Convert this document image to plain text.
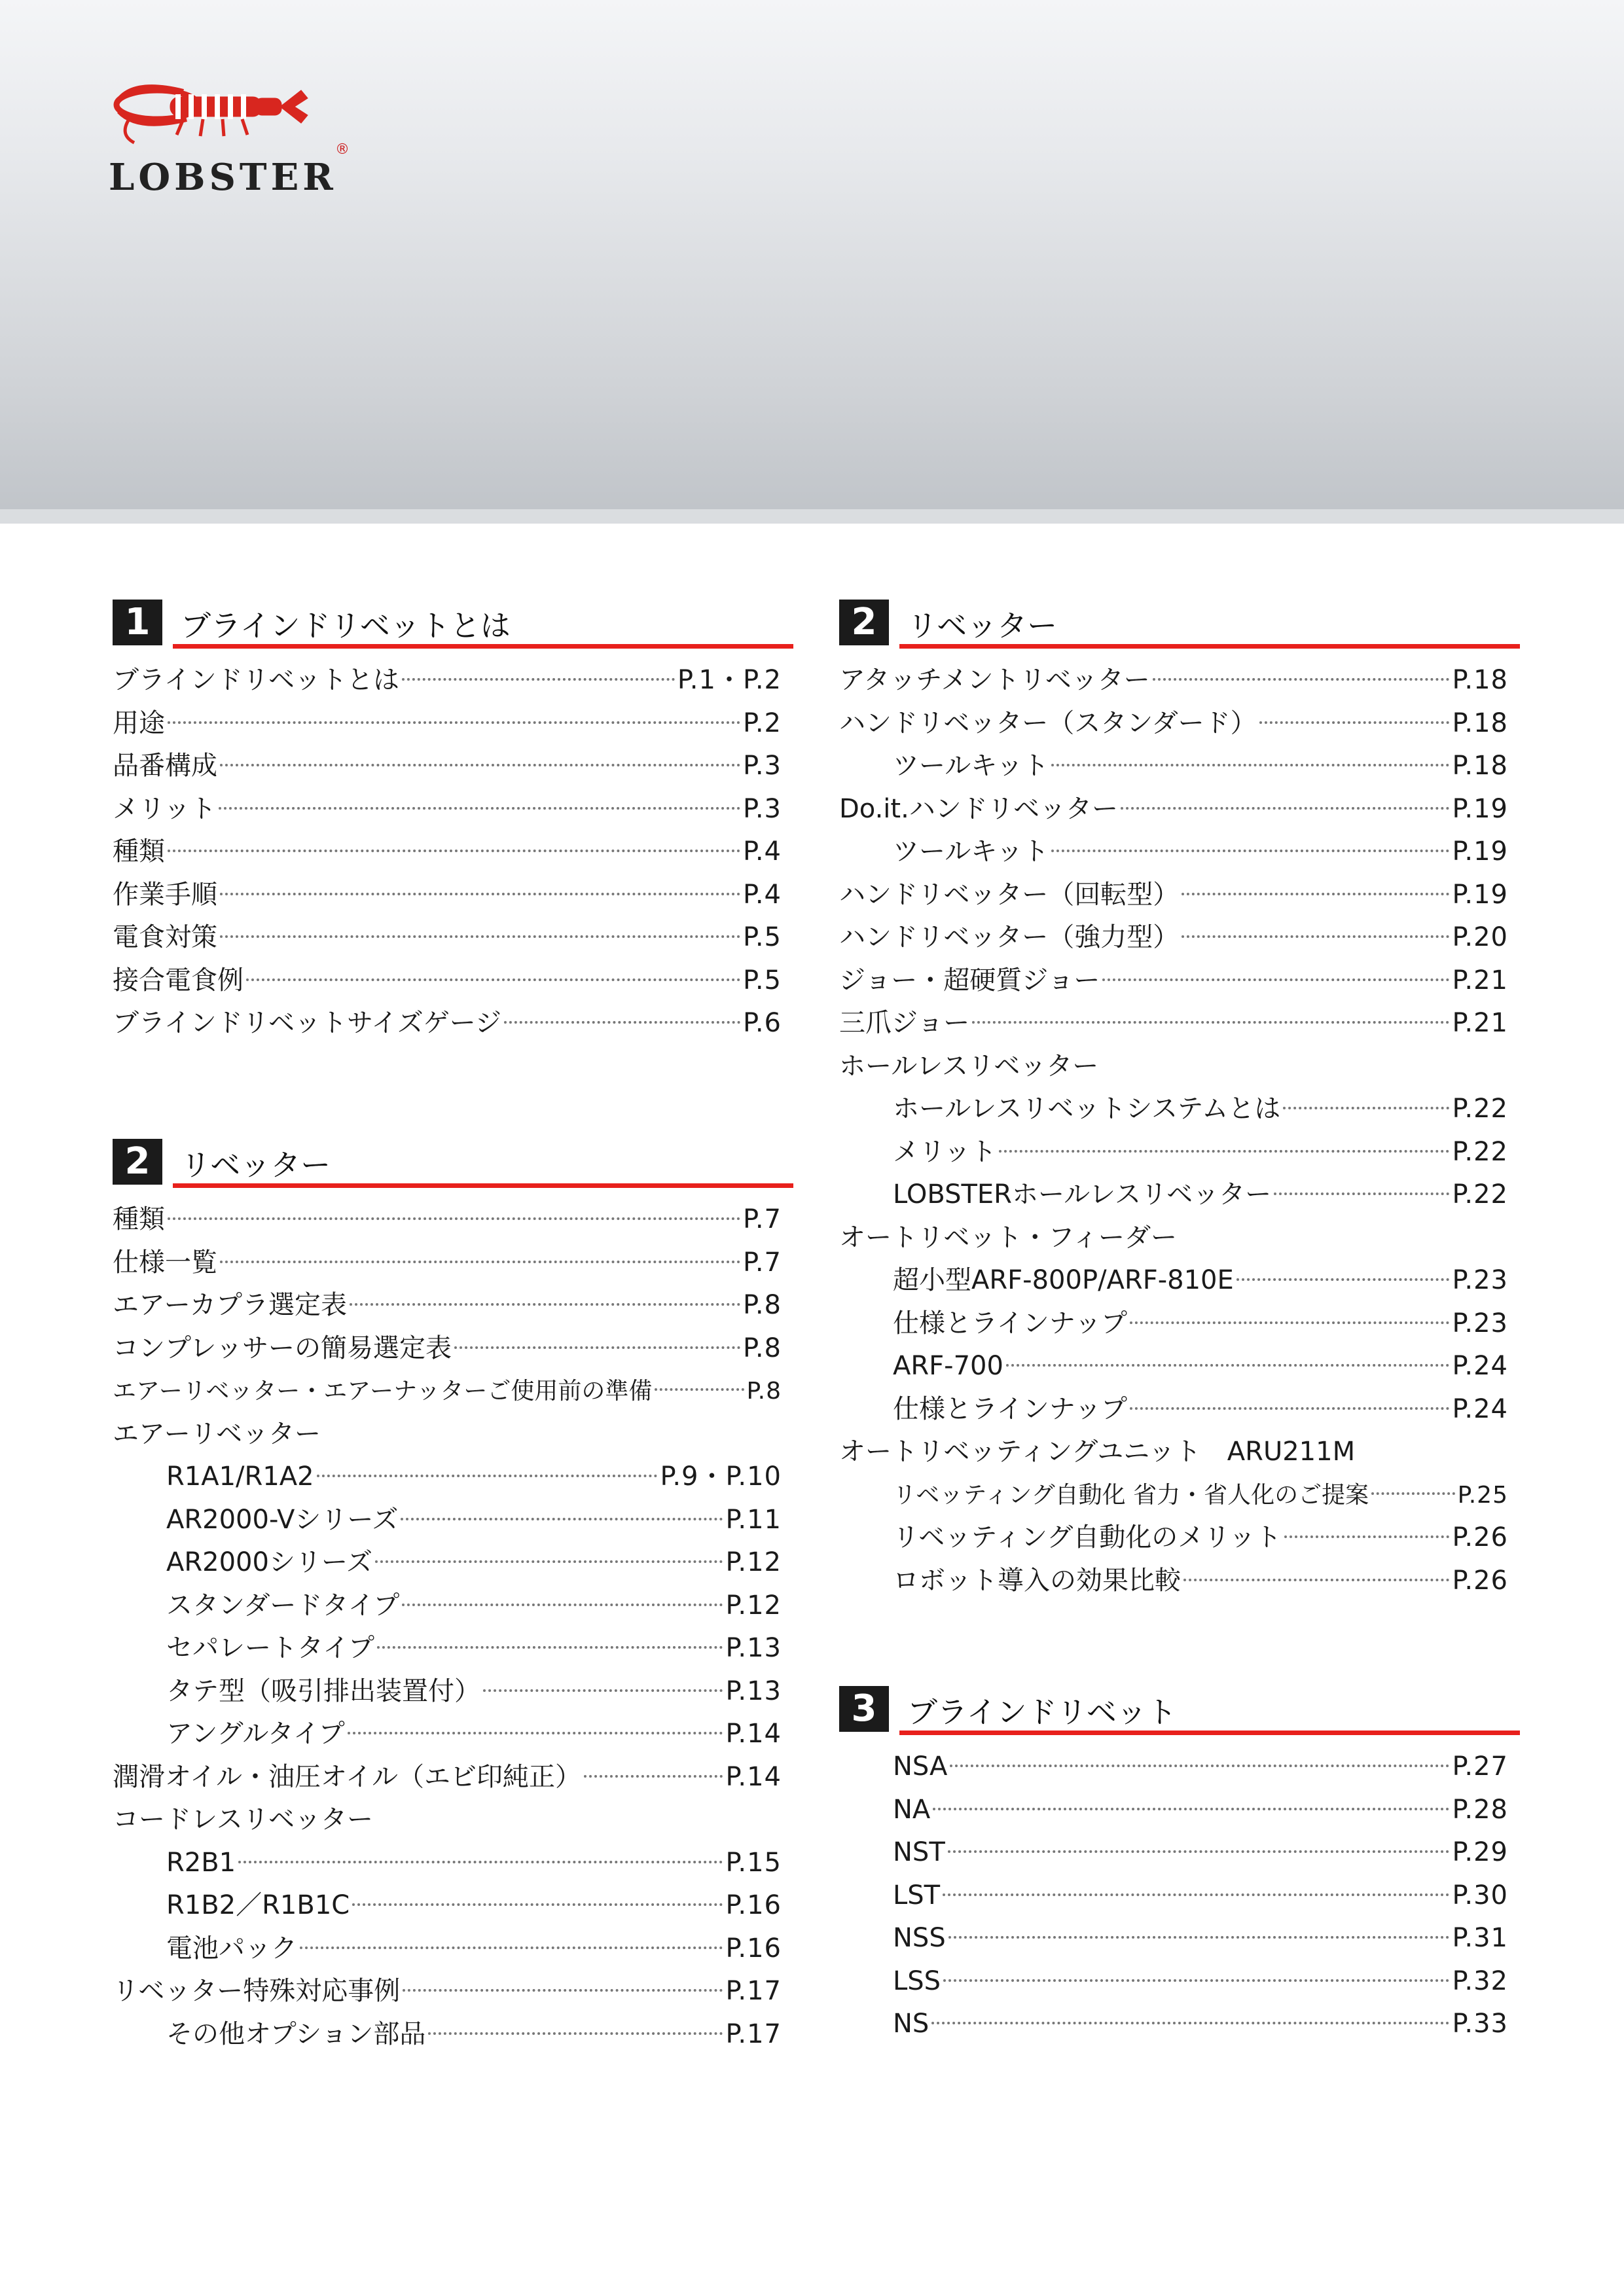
®
LOBSTER
1	ブラインドリベットとは
ブラインドリベットとは	P.1・P.2
用途	P.2
品番構成	P.3
メリット	P.3
種類	P.4
作業手順	P.4
電食対策	P.5
接合電食例	P.5
ブラインドリベットサイズゲージ	P.6
2	リベッター
種類	P.7
仕様一覧	P.7
エアーカプラ選定表	P.8
コンプレッサーの簡易選定表	P.8
エアーリベッター・エアーナッターご使用前の準備	P.8
エアーリベッター
R1A1/R1A2	P.9・P.10
AR2000-Vシリーズ	P.11
AR2000シリーズ	P.12
スタンダードタイプ	P.12
セパレートタイプ	P.13
タテ型（吸引排出装置付）	P.13
アングルタイプ	P.14
潤滑オイル・油圧オイル（エビ印純正）	P.14
コードレスリベッター
R2B1	P.15
R1B2／R1B1C	P.16
電池パック	P.16
リベッター特殊対応事例	P.17
その他オプション部品	P.17
2	リベッター
アタッチメントリベッター	P.18
ハンドリベッター（スタンダード）	P.18
ツールキット	P.18
Do.it.ハンドリベッター	P.19
ツールキット	P.19
ハンドリベッター（回転型）	P.19
ハンドリベッター（強力型）	P.20
ジョー・超硬質ジョー	P.21
三爪ジョー	P.21
ホールレスリベッター
ホールレスリベットシステムとは	P.22
メリット	P.22
LOBSTERホールレスリベッター	P.22
オートリベット・フィーダー
超小型ARF-800P/ARF-810E	P.23
仕様とラインナップ	P.23
ARF-700	P.24
仕様とラインナップ	P.24
オートリベッティングユニット　ARU211M
リベッティング自動化 省力・省人化のご提案	P.25
リベッティング自動化のメリット	P.26
ロボット導入の効果比較	P.26
3	ブラインドリベット
NSA	P.27
NA	P.28
NST	P.29
LST	P.30
NSS	P.31
LSS	P.32
NS	P.33
